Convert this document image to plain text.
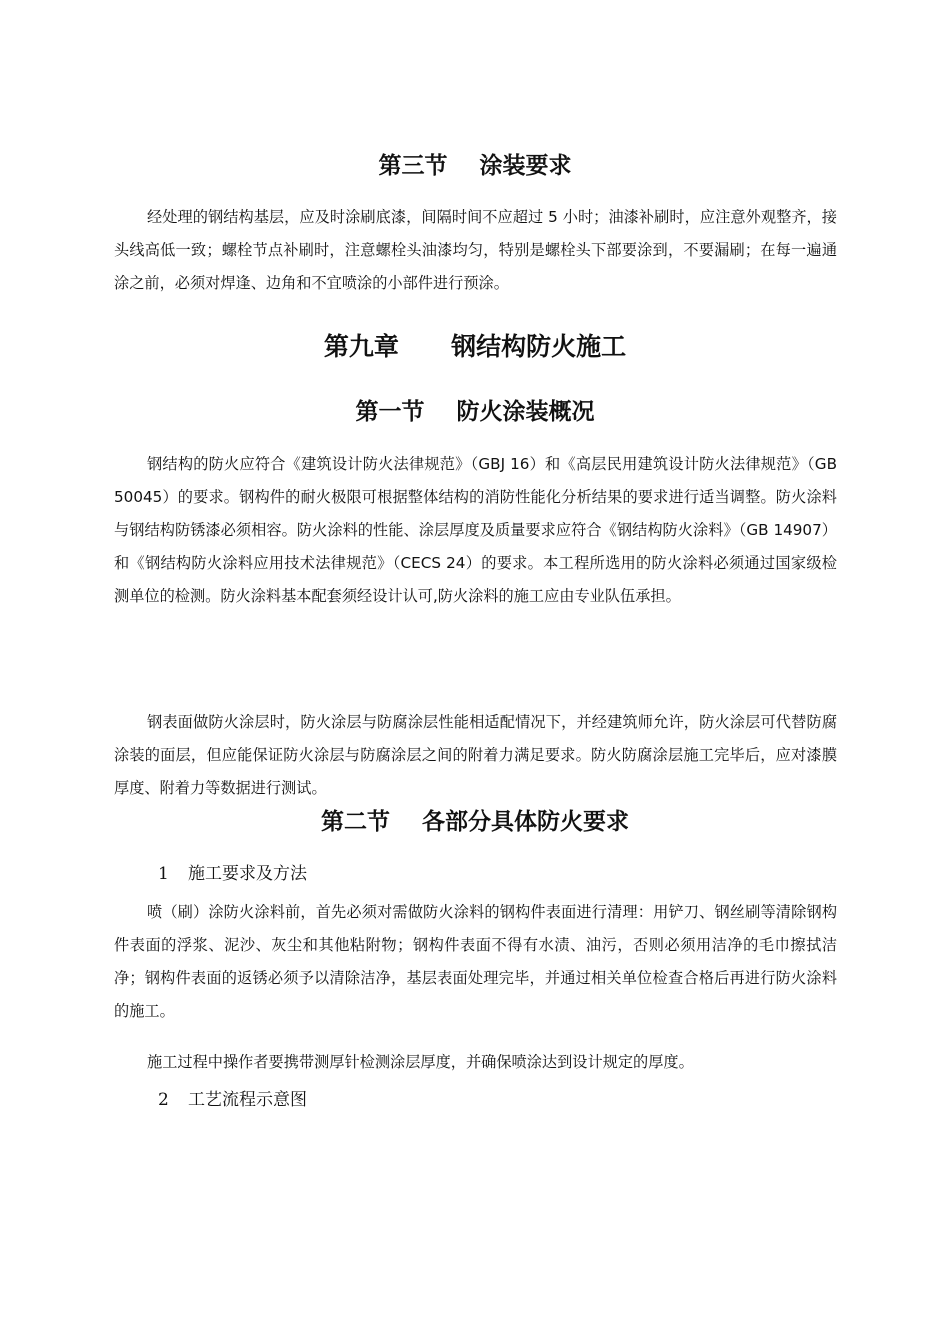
第三节    涂装要求

经处理的钢结构基层，应及时涂刷底漆，间隔时间不应超过 5 小时；油漆补刷时，应注意外观整齐，接头线高低一致；螺栓节点补刷时，注意螺栓头油漆均匀，特别是螺栓头下部要涂到，不要漏刷；在每一遍通涂之前，必须对焊逢、边角和不宜喷涂的小部件进行预涂。

第九章      钢结构防火施工
第一节    防火涂装概况

钢结构的防火应符合《建筑设计防火法律规范》（GBJ 16）和《高层民用建筑设计防火法律规范》（GB 50045）的要求。钢构件的耐火极限可根据整体结构的消防性能化分析结果的要求进行适当调整。防火涂料与钢结构防锈漆必须相容。防火涂料的性能、涂层厚度及质量要求应符合《钢结构防火涂料》（GB 14907）和《钢结构防火涂料应用技术法律规范》（CECS 24）的要求。本工程所选用的防火涂料必须通过国家级检测单位的检测。防火涂料基本配套须经设计认可,防火涂料的施工应由专业队伍承担。

钢表面做防火涂层时，防火涂层与防腐涂层性能相适配情况下，并经建筑师允许，防火涂层可代替防腐涂装的面层，但应能保证防火涂层与防腐涂层之间的附着力满足要求。防火防腐涂层施工完毕后，应对漆膜厚度、附着力等数据进行测试。

第二节    各部分具体防火要求
1 施工要求及方法

喷（刷）涂防火涂料前，首先必须对需做防火涂料的钢构件表面进行清理：用铲刀、钢丝刷等清除钢构件表面的浮浆、泥沙、灰尘和其他粘附物；钢构件表面不得有水渍、油污，否则必须用洁净的毛巾擦拭洁净；钢构件表面的返锈必须予以清除洁净，基层表面处理完毕，并通过相关单位检查合格后再进行防火涂料的施工。

施工过程中操作者要携带测厚针检测涂层厚度，并确保喷涂达到设计规定的厚度。

2 工艺流程示意图
